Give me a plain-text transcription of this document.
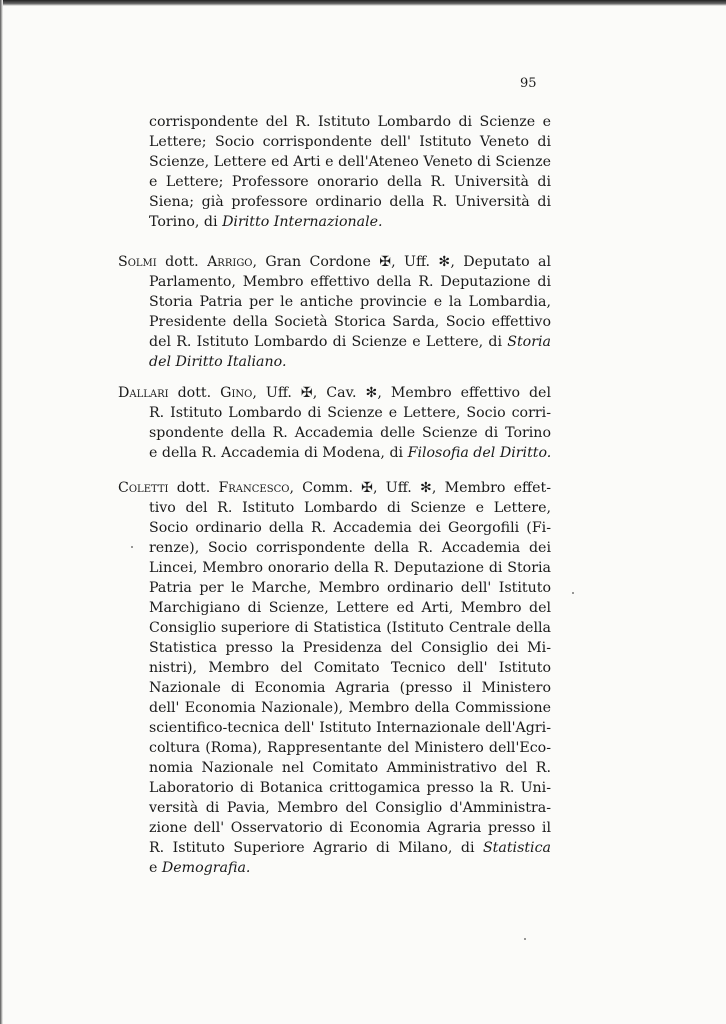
95
corrispondente del R. Istituto Lombardo di Scienze e
Lettere; Socio corrispondente dell' Istituto Veneto di
Scienze, Lettere ed Arti e dell'Ateneo Veneto di Scienze
e Lettere; Professore onorario della R. Università di
Siena; già professore ordinario della R. Università di
Torino, di Diritto Internazionale.
Solmi dott. Arrigo, Gran Cordone ✠, Uff. ✻, Deputato al
Parlamento, Membro effettivo della R. Deputazione di
Storia Patria per le antiche provincie e la Lombardia,
Presidente della Società Storica Sarda, Socio effettivo
del R. Istituto Lombardo di Scienze e Lettere, di Storia
del Diritto Italiano.
Dallari dott. Gino, Uff. ✠, Cav. ✻, Membro effettivo del
R. Istituto Lombardo di Scienze e Lettere, Socio corri-
spondente della R. Accademia delle Scienze di Torino
e della R. Accademia di Modena, di Filosofia del Diritto.
Coletti dott. Francesco, Comm. ✠, Uff. ✻, Membro effet-
tivo del R. Istituto Lombardo di Scienze e Lettere,
Socio ordinario della R. Accademia dei Georgofili (Fi-
renze), Socio corrispondente della R. Accademia dei
Lincei, Membro onorario della R. Deputazione di Storia
Patria per le Marche, Membro ordinario dell' Istituto
Marchigiano di Scienze, Lettere ed Arti, Membro del
Consiglio superiore di Statistica (Istituto Centrale della
Statistica presso la Presidenza del Consiglio dei Mi-
nistri), Membro del Comitato Tecnico dell' Istituto
Nazionale di Economia Agraria (presso il Ministero
dell' Economia Nazionale), Membro della Commissione
scientifico-tecnica dell' Istituto Internazionale dell'Agri-
coltura (Roma), Rappresentante del Ministero dell'Eco-
nomia Nazionale nel Comitato Amministrativo del R.
Laboratorio di Botanica crittogamica presso la R. Uni-
versità di Pavia, Membro del Consiglio d'Amministra-
zione dell' Osservatorio di Economia Agraria presso il
R. Istituto Superiore Agrario di Milano, di Statistica
e Demografia.
